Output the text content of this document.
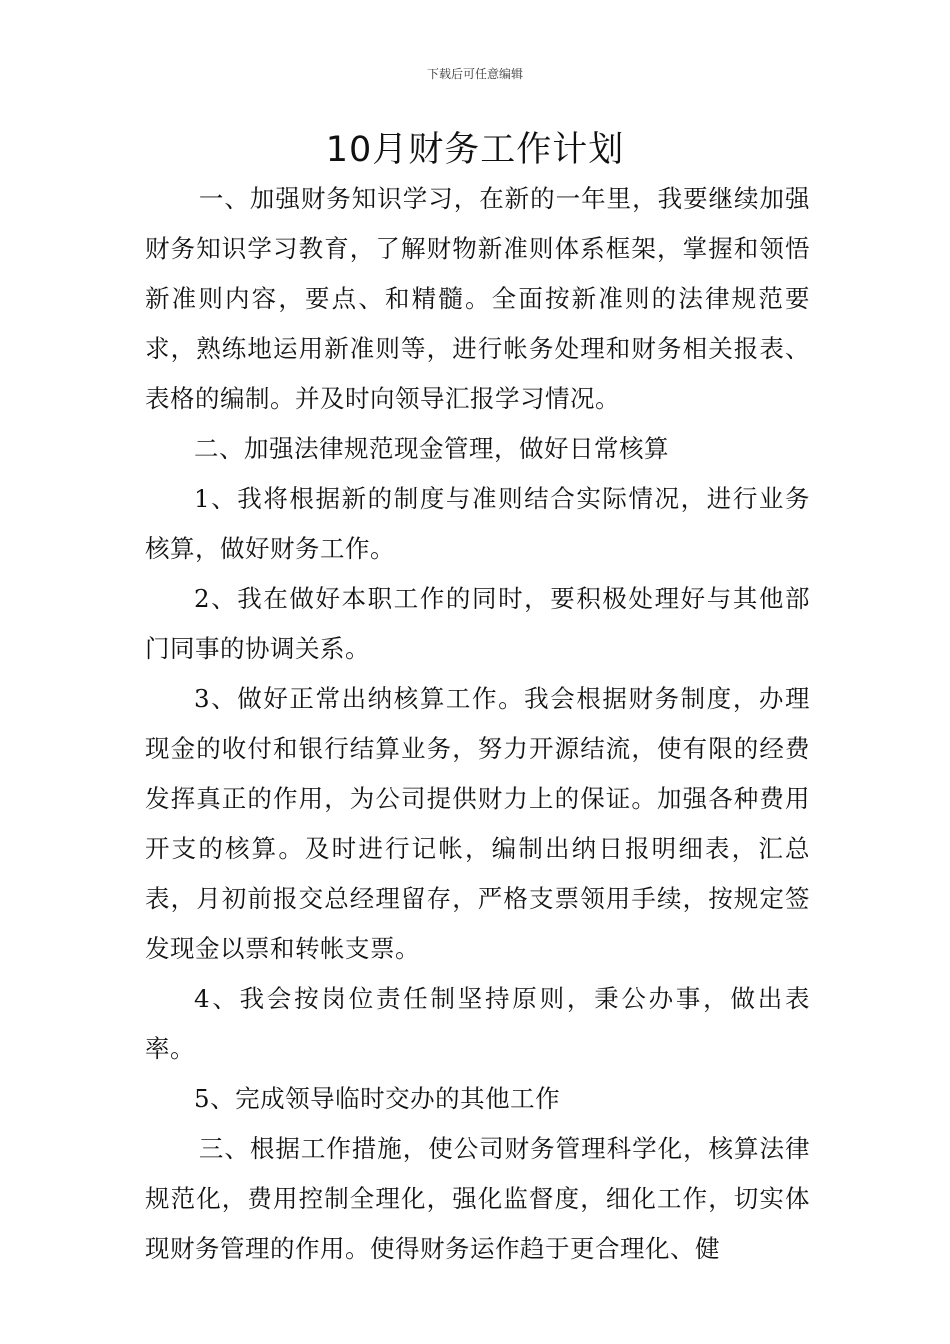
下载后可任意编辑
10月财务工作计划

一、加强财务知识学习，在新的一年里，我要继续加强财务知识学习教育，了解财物新准则体系框架，掌握和领悟新准则内容，要点、和精髓。全面按新准则的法律规范要求，熟练地运用新准则等，进行帐务处理和财务相关报表、表格的编制。并及时向领导汇报学习情况。

二、加强法律规范现金管理，做好日常核算

1、我将根据新的制度与准则结合实际情况，进行业务核算，做好财务工作。

2、我在做好本职工作的同时，要积极处理好与其他部门同事的协调关系。

3、做好正常出纳核算工作。我会根据财务制度，办理现金的收付和银行结算业务，努力开源结流，使有限的经费发挥真正的作用，为公司提供财力上的保证。加强各种费用开支的核算。及时进行记帐，编制出纳日报明细表，汇总表，月初前报交总经理留存，严格支票领用手续，按规定签发现金以票和转帐支票。

4、我会按岗位责任制坚持原则，秉公办事，做出表率。

5、完成领导临时交办的其他工作

三、根据工作措施，使公司财务管理科学化，核算法律规范化，费用控制全理化，强化监督度，细化工作，切实体现财务管理的作用。使得财务运作趋于更合理化、健
